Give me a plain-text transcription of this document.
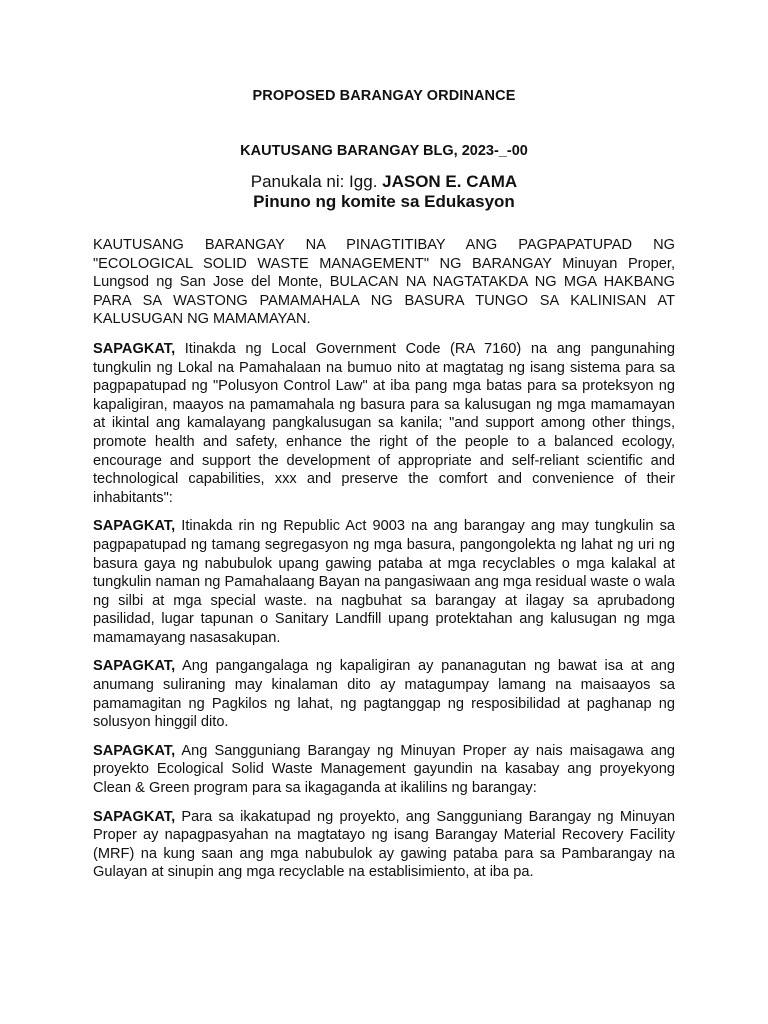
PROPOSED BARANGAY ORDINANCE
KAUTUSANG BARANGAY BLG, 2023-_-00
Panukala ni: Igg. JASON E. CAMA
Pinuno ng komite sa Edukasyon

KAUTUSANG BARANGAY NA PINAGTITIBAY ANG PAGPAPATUPAD NG "ECOLOGICAL SOLID WASTE MANAGEMENT" NG BARANGAY Minuyan Proper, Lungsod ng San Jose del Monte, BULACAN NA NAGTATAKDA NG MGA HAKBANG PARA SA WASTONG PAMAMAHALA NG BASURA TUNGO SA KALINISAN AT KALUSUGAN NG MAMAMAYAN.

SAPAGKAT, Itinakda ng Local Government Code (RA 7160) na ang pangunahing tungkulin ng Lokal na Pamahalaan na bumuo nito at magtatag ng isang sistema para sa pagpapatupad ng "Polusyon Control Law" at iba pang mga batas para sa proteksyon ng kapaligiran, maayos na pamamahala ng basura para sa kalusugan ng mga mamamayan at ikintal ang kamalayang pangkalusugan sa kanila; "and support among other things, promote health and safety, enhance the right of the people to a balanced ecology, encourage and support the development of appropriate and self-reliant scientific and technological capabilities, xxx and preserve the comfort and convenience of their inhabitants":

SAPAGKAT, Itinakda rin ng Republic Act 9003 na ang barangay ang may tungkulin sa pagpapatupad ng tamang segregasyon ng mga basura, pangongolekta ng lahat ng uri ng basura gaya ng nabubulok upang gawing pataba at mga recyclables o mga kalakal at tungkulin naman ng Pamahalaang Bayan na pangasiwaan ang mga residual waste o wala ng silbi at mga special waste. na nagbuhat sa barangay at ilagay sa aprubadong pasilidad, lugar tapunan o Sanitary Landfill upang protektahan ang kalusugan ng mga mamamayang nasasakupan.

SAPAGKAT, Ang pangangalaga ng kapaligiran ay pananagutan ng bawat isa at ang anumang suliraning may kinalaman dito ay matagumpay lamang na maisaayos sa pamamagitan ng Pagkilos ng lahat, ng pagtanggap ng resposibilidad at paghanap ng solusyon hinggil dito.

SAPAGKAT, Ang Sangguniang Barangay ng Minuyan Proper ay nais maisagawa ang proyekto Ecological Solid Waste Management gayundin na kasabay ang proyekyong Clean & Green program para sa ikagaganda at ikalilins ng barangay:

SAPAGKAT, Para sa ikakatupad ng proyekto, ang Sangguniang Barangay ng Minuyan Proper ay napagpasyahan na magtatayo ng isang Barangay Material Recovery Facility (MRF) na kung saan ang mga nabubulok ay gawing pataba para sa Pambarangay na Gulayan at sinupin ang mga recyclable na establisimiento, at iba pa.
